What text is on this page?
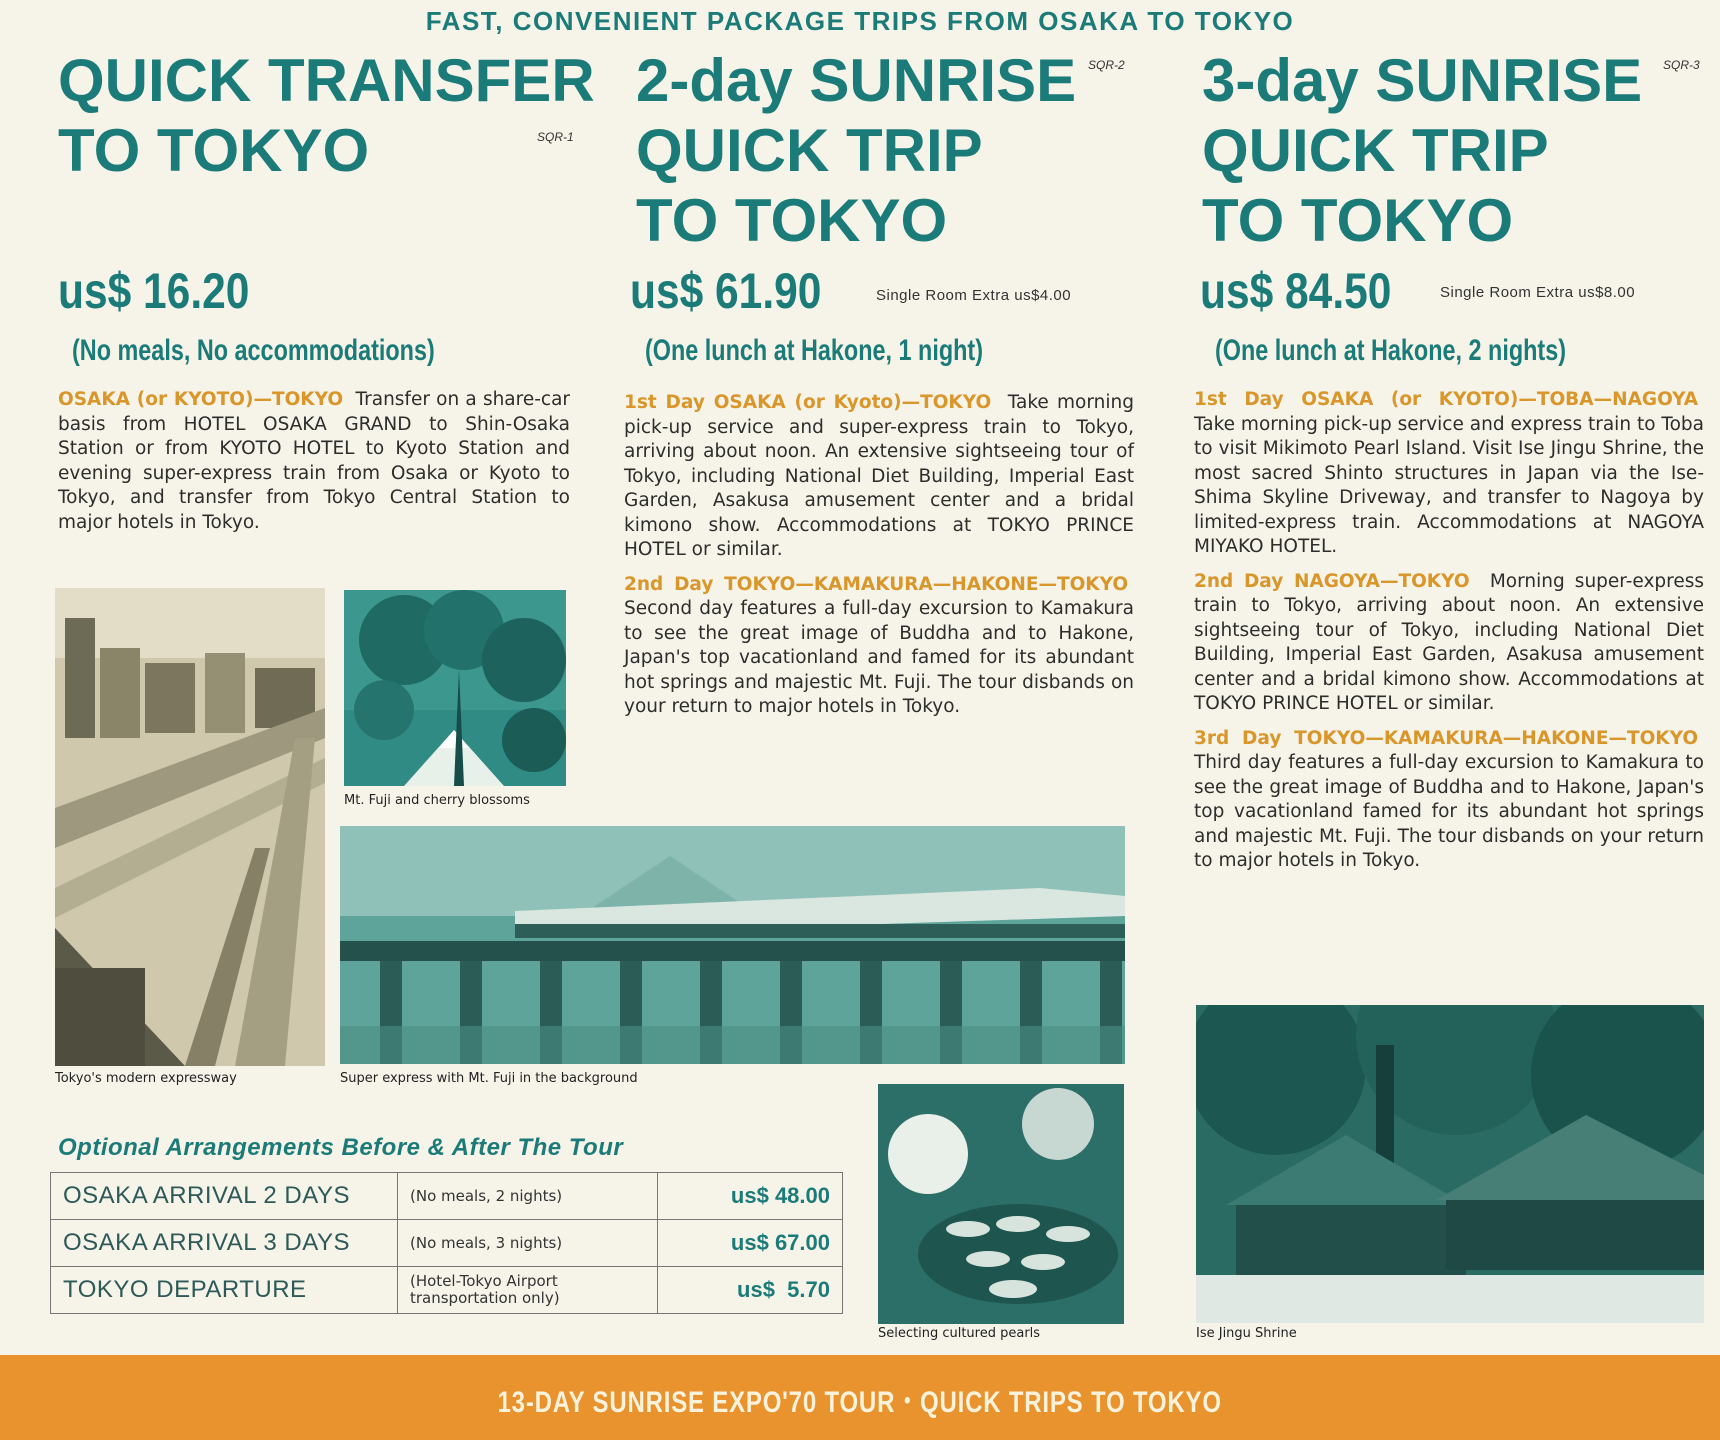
FAST, CONVENIENT PACKAGE TRIPS FROM OSAKA TO TOKYO
QUICK TRANSFER
TO TOKYO	SQR-1
us$ 16.20
(No meals, No accommodations)

OSAKA (or KYOTO)—TOKYO Transfer on a share-car basis from HOTEL OSAKA GRAND to Shin-Osaka Station or from KYOTO HOTEL to Kyoto Station and evening super-express train from Osaka or Kyoto to Tokyo, and transfer from Tokyo Central Station to major hotels in Tokyo.

Tokyo's modern expressway
Mt. Fuji and cherry blossoms
Super express with Mt. Fuji in the background
Optional Arrangements Before & After The Tour
OSAKA ARRIVAL 2 DAYS	(No meals, 2 nights)	us$ 48.00
OSAKA ARRIVAL 3 DAYS	(No meals, 3 nights)	us$ 67.00
TOKYO DEPARTURE	(Hotel-Tokyo Airport transportation only)	us$  5.70
Selecting cultured pearls
2-day SUNRISE
QUICK TRIP
TO TOKYO
SQR-2
us$ 61.90	Single Room Extra us$4.00
(One lunch at Hakone, 1 night)

1st Day OSAKA (or Kyoto)—TOKYO Take morning pick-up service and super-express train to Tokyo, arriving about noon. An extensive sightseeing tour of Tokyo, including National Diet Building, Imperial East Garden, Asakusa amusement center and a bridal kimono show. Accommodations at TOKYO PRINCE HOTEL or similar.

2nd Day TOKYO—KAMAKURA—HAKONE—TOKYO  Second day features a full-day excursion to Kamakura to see the great image of Buddha and to Hakone, Japan's top vacationland and famed for its abundant hot springs and majestic Mt. Fuji. The tour disbands on your return to major hotels in Tokyo.

3-day SUNRISE
QUICK TRIP
TO TOKYO
SQR-3
us$ 84.50	Single Room Extra us$8.00
(One lunch at Hakone, 2 nights)

1st Day OSAKA (or KYOTO)—TOBA—NAGOYA  Take morning pick-up service and express train to Toba to visit Mikimoto Pearl Island. Visit Ise Jingu Shrine, the most sacred Shinto structures in Japan via the Ise-Shima Skyline Driveway, and transfer to Nagoya by limited-express train. Accommodations at NAGOYA MIYAKO HOTEL.

2nd Day NAGOYA—TOKYO Morning super-express train to Tokyo, arriving about noon. An extensive sightseeing tour of Tokyo, including National Diet Building, Imperial East Garden, Asakusa amusement center and a bridal kimono show. Accommodations at TOKYO PRINCE HOTEL or similar.

3rd Day TOKYO—KAMAKURA—HAKONE—TOKYO  Third day features a full-day excursion to Kamakura to see the great image of Buddha and to Hakone, Japan's top vacationland famed for its abundant hot springs and majestic Mt. Fuji. The tour disbands on your return to major hotels in Tokyo.

Ise Jingu Shrine
13-DAY SUNRISE EXPO'70 TOUR・QUICK TRIPS TO TOKYO
